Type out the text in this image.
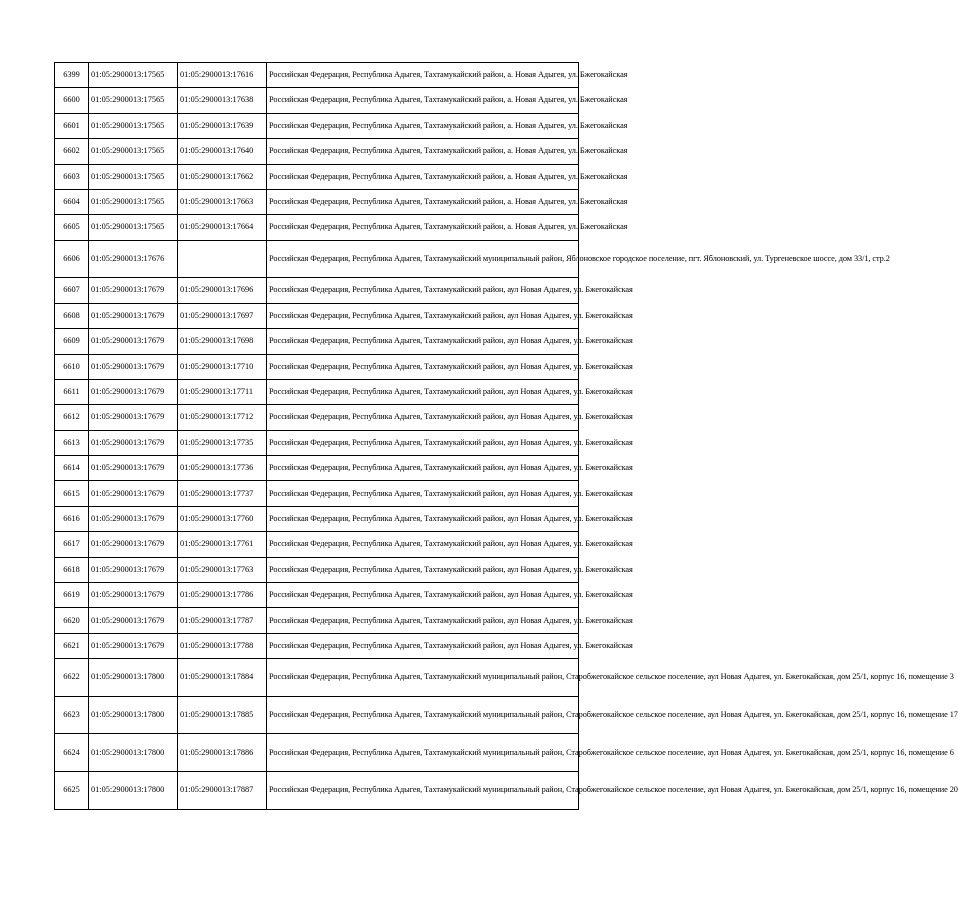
6399	01:05:2900013:17565	01:05:2900013:17616	Российская Федерация, Республика Адыгея, Тахтамукайский район, а. Новая Адыгея, ул. Бжегокайская
6600	01:05:2900013:17565	01:05:2900013:17638	Российская Федерация, Республика Адыгея, Тахтамукайский район, а. Новая Адыгея, ул. Бжегокайская
6601	01:05:2900013:17565	01:05:2900013:17639	Российская Федерация, Республика Адыгея, Тахтамукайский район, а. Новая Адыгея, ул. Бжегокайская
6602	01:05:2900013:17565	01:05:2900013:17640	Российская Федерация, Республика Адыгея, Тахтамукайский район, а. Новая Адыгея, ул. Бжегокайская
6603	01:05:2900013:17565	01:05:2900013:17662	Российская Федерация, Республика Адыгея, Тахтамукайский район, а. Новая Адыгея, ул. Бжегокайская
6604	01:05:2900013:17565	01:05:2900013:17663	Российская Федерация, Республика Адыгея, Тахтамукайский район, а. Новая Адыгея, ул. Бжегокайская
6605	01:05:2900013:17565	01:05:2900013:17664	Российская Федерация, Республика Адыгея, Тахтамукайский район, а. Новая Адыгея, ул. Бжегокайская
6606	01:05:2900013:17676		Российская Федерация, Республика Адыгея, Тахтамукайский муниципальный район, Яблоновское городское поселение, пгт. Яблоновский, ул. Тургеневское шоссе, дом 33/1, стр.2
6607	01:05:2900013:17679	01:05:2900013:17696	Российская Федерация, Республика Адыгея, Тахтамукайский район, аул Новая Адыгея, ул. Бжегокайская
6608	01:05:2900013:17679	01:05:2900013:17697	Российская Федерация, Республика Адыгея, Тахтамукайский район, аул Новая Адыгея, ул. Бжегокайская
6609	01:05:2900013:17679	01:05:2900013:17698	Российская Федерация, Республика Адыгея, Тахтамукайский район, аул Новая Адыгея, ул. Бжегокайская
6610	01:05:2900013:17679	01:05:2900013:17710	Российская Федерация, Республика Адыгея, Тахтамукайский район, аул Новая Адыгея, ул. Бжегокайская
6611	01:05:2900013:17679	01:05:2900013:17711	Российская Федерация, Республика Адыгея, Тахтамукайский район, аул Новая Адыгея, ул. Бжегокайская
6612	01:05:2900013:17679	01:05:2900013:17712	Российская Федерация, Республика Адыгея, Тахтамукайский район, аул Новая Адыгея, ул. Бжегокайская
6613	01:05:2900013:17679	01:05:2900013:17735	Российская Федерация, Республика Адыгея, Тахтамукайский район, аул Новая Адыгея, ул. Бжегокайская
6614	01:05:2900013:17679	01:05:2900013:17736	Российская Федерация, Республика Адыгея, Тахтамукайский район, аул Новая Адыгея, ул. Бжегокайская
6615	01:05:2900013:17679	01:05:2900013:17737	Российская Федерация, Республика Адыгея, Тахтамукайский район, аул Новая Адыгея, ул. Бжегокайская
6616	01:05:2900013:17679	01:05:2900013:17760	Российская Федерация, Республика Адыгея, Тахтамукайский район, аул Новая Адыгея, ул. Бжегокайская
6617	01:05:2900013:17679	01:05:2900013:17761	Российская Федерация, Республика Адыгея, Тахтамукайский район, аул Новая Адыгея, ул. Бжегокайская
6618	01:05:2900013:17679	01:05:2900013:17763	Российская Федерация, Республика Адыгея, Тахтамукайский район, аул Новая Адыгея, ул. Бжегокайская
6619	01:05:2900013:17679	01:05:2900013:17786	Российская Федерация, Республика Адыгея, Тахтамукайский район, аул Новая Адыгея, ул. Бжегокайская
6620	01:05:2900013:17679	01:05:2900013:17787	Российская Федерация, Республика Адыгея, Тахтамукайский район, аул Новая Адыгея, ул. Бжегокайская
6621	01:05:2900013:17679	01:05:2900013:17788	Российская Федерация, Республика Адыгея, Тахтамукайский район, аул Новая Адыгея, ул. Бжегокайская
6622	01:05:2900013:17800	01:05:2900013:17884	Российская Федерация, Республика Адыгея, Тахтамукайский муниципальный район, Старобжегокайское сельское поселение, аул Новая Адыгея, ул. Бжегокайская, дом 25/1, корпус 16, помещение 3
6623	01:05:2900013:17800	01:05:2900013:17885	Российская Федерация, Республика Адыгея, Тахтамукайский муниципальный район, Старобжегокайское сельское поселение, аул Новая Адыгея, ул. Бжегокайская, дом 25/1, корпус 16, помещение 17
6624	01:05:2900013:17800	01:05:2900013:17886	Российская Федерация, Республика Адыгея, Тахтамукайский муниципальный район, Старобжегокайское сельское поселение, аул Новая Адыгея, ул. Бжегокайская, дом 25/1, корпус 16, помещение 6
6625	01:05:2900013:17800	01:05:2900013:17887	Российская Федерация, Республика Адыгея, Тахтамукайский муниципальный район, Старобжегокайское сельское поселение, аул Новая Адыгея, ул. Бжегокайская, дом 25/1, корпус 16, помещение 20
